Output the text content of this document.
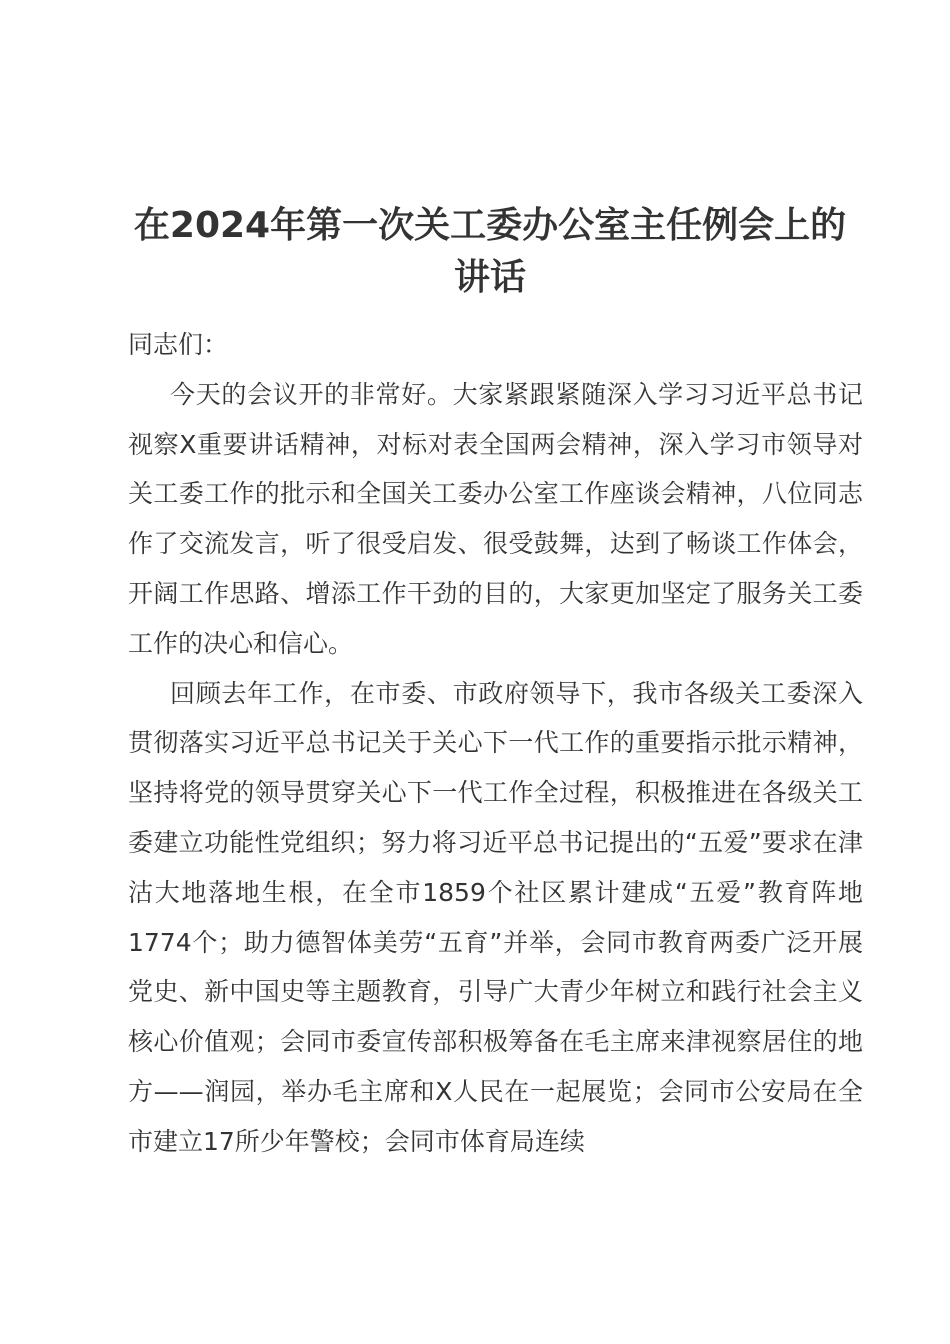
在2024年第一次关工委办公室主任例会上的讲话

同志们：

今天的会议开的非常好。大家紧跟紧随深入学习习近平总书记视察X重要讲话精神，对标对表全国两会精神，深入学习市领导对关工委工作的批示和全国关工委办公室工作座谈会精神，八位同志作了交流发言，听了很受启发、很受鼓舞，达到了畅谈工作体会，开阔工作思路、增添工作干劲的目的，大家更加坚定了服务关工委工作的决心和信心。

回顾去年工作，在市委、市政府领导下，我市各级关工委深入贯彻落实习近平总书记关于关心下一代工作的重要指示批示精神，坚持将党的领导贯穿关心下一代工作全过程，积极推进在各级关工委建立功能性党组织；努力将习近平总书记提出的“五爱”要求在津沽大地落地生根，在全市1859个社区累计建成“五爱”教育阵地1774个；助力德智体美劳“五育”并举，会同市教育两委广泛开展党史、新中国史等主题教育，引导广大青少年树立和践行社会主义核心价值观；会同市委宣传部积极筹备在毛主席来津视察居住的地方——润园，举办毛主席和X人民在一起展览；会同市公安局在全市建立17所少年警校；会同市体育局连续
